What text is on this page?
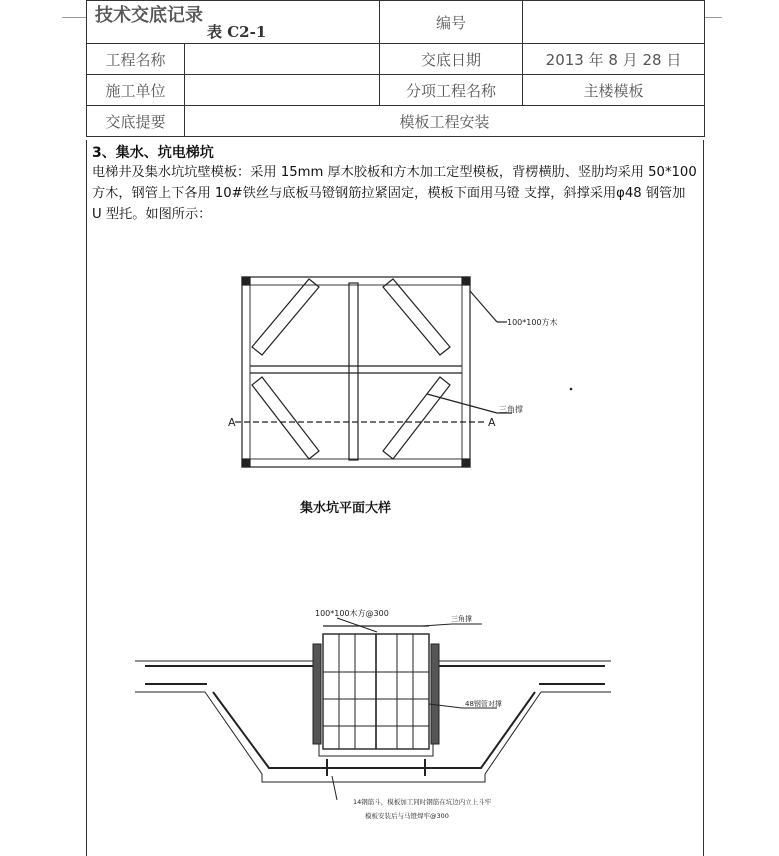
技术交底记录
表 C2-1		编号	
工程名称		交底日期	2013 年 8 月 28 日
施工单位		分项工程名称	主楼模板
交底提要	模板工程安装		
3、集水、坑电梯坑
电梯井及集水坑坑壁模板：采用 15mm 厚木胶板和方木加工定型模板，背楞横肋、竖肋均采用 50*100 方木，钢管上下各用 10#铁丝与底板马镫钢筋拉紧固定，模板下面用马镫 支撑，斜撑采用φ48 钢管加 U 型托。如图所示：
100*100方木
三角撑
A	A
集水坑平面大样
100*100木方@300
三角撑
48钢管对撑
14钢筋斗，模板加工同时钢筋在坑边内立上斗牢
模板安装后与马镫焊牢@300
